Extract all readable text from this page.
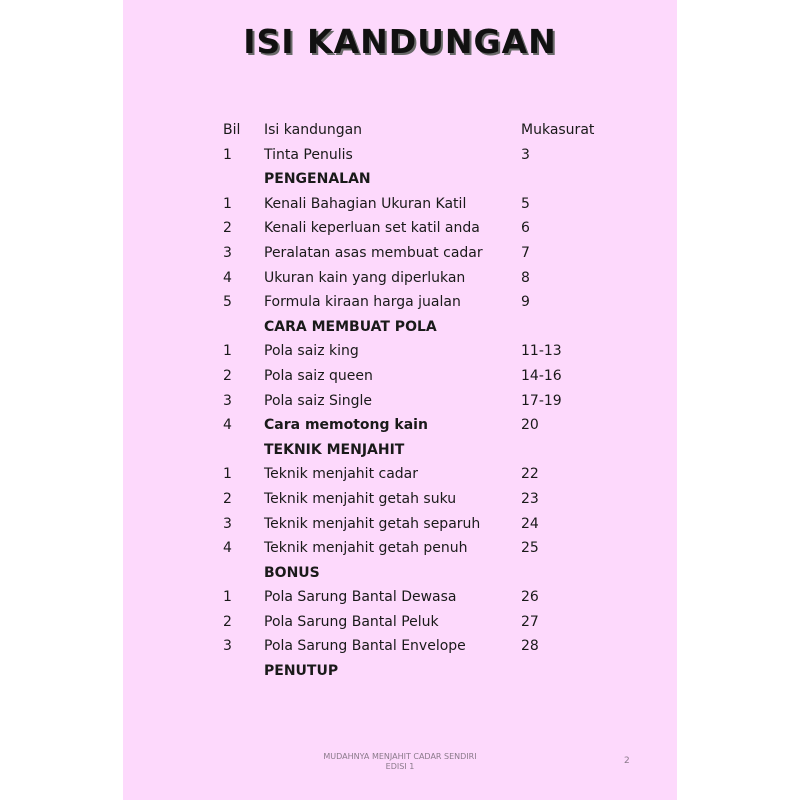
ISI KANDUNGAN
Bil Isi kandungan	Mukasurat
1 Tinta Penulis	3
PENGENALAN
1 Kenali Bahagian Ukuran Katil	5
2 Kenali keperluan set katil anda	6
3 Peralatan asas membuat cadar	7
4 Ukuran kain yang diperlukan	8
5 Formula kiraan harga jualan	9
CARA MEMBUAT POLA
1 Pola saiz king	11-13
2 Pola saiz queen	14-16
3 Pola saiz Single	17-19
4 Cara memotong kain	20
TEKNIK MENJAHIT
1 Teknik menjahit cadar	22
2 Teknik menjahit getah suku	23
3 Teknik menjahit getah separuh	24
4 Teknik menjahit getah penuh	25
BONUS
1 Pola Sarung Bantal Dewasa	26
2 Pola Sarung Bantal Peluk	27
3 Pola Sarung Bantal Envelope	28
PENUTUP
MUDAHNYA MENJAHIT CADAR SENDIRI
EDISI 1
2
